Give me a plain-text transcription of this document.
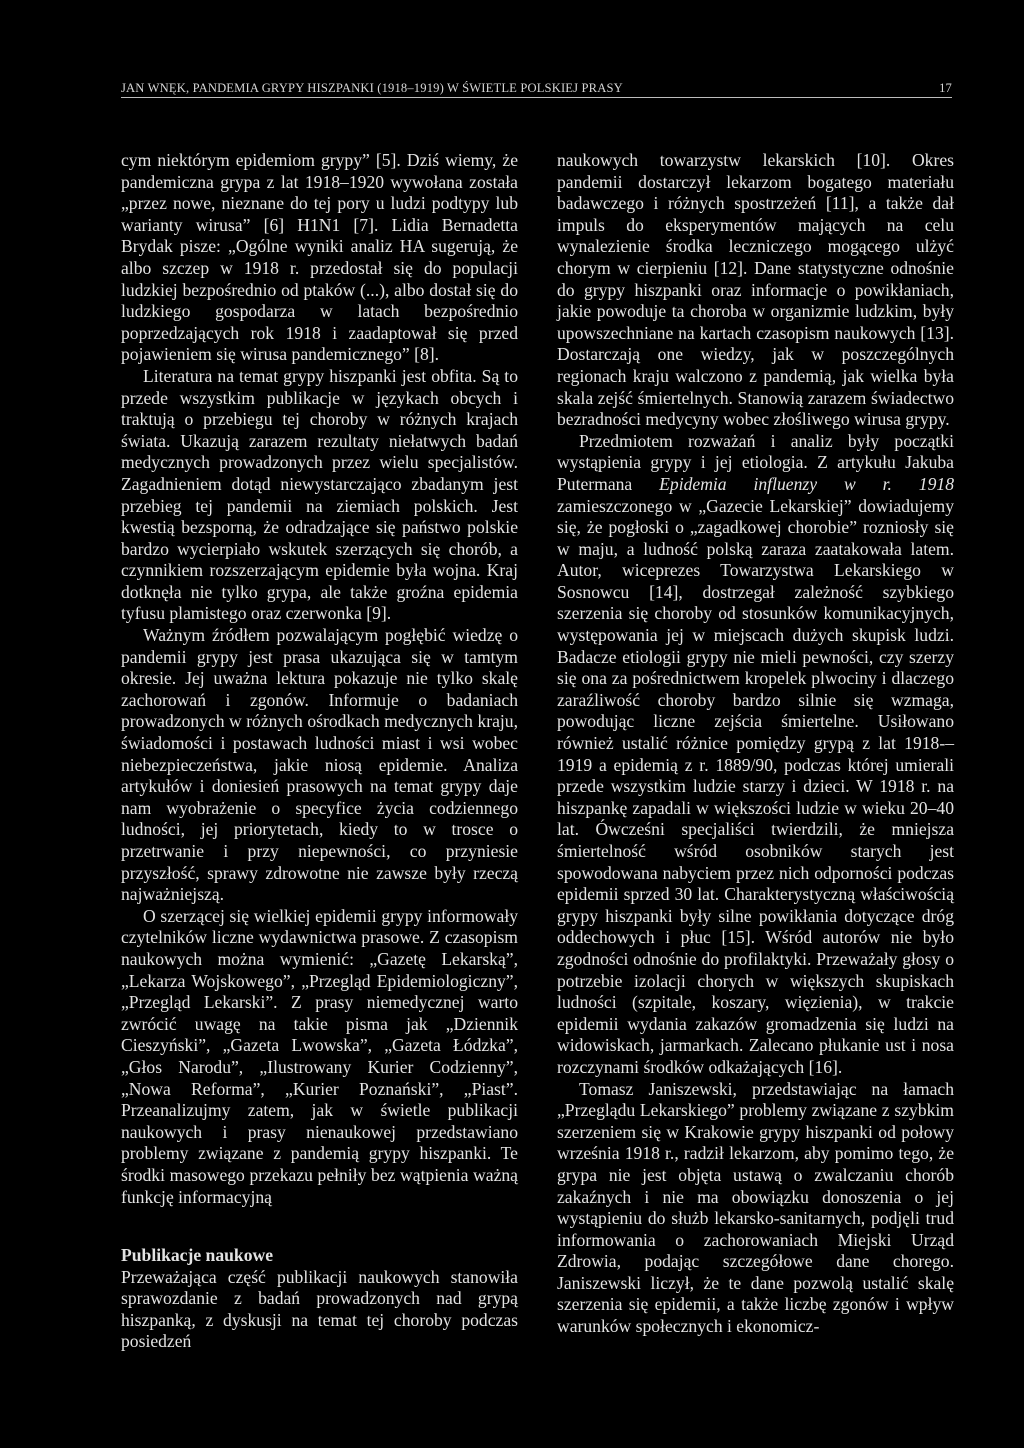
JAN WNĘK, PANDEMIA GRYPY HISZPANKI (1918–1919) W ŚWIETLE POLSKIEJ PRASY	17

cym niektórym epidemiom grypy” [5]. Dziś wiemy, że pandemiczna grypa z lat 1918–1920 wywołana została „przez nowe, nieznane do tej pory u ludzi podtypy lub warianty wirusa” [6] H1N1 [7]. Lidia Bernadetta Brydak pisze: „Ogólne wyniki analiz HA sugerują, że albo szczep w 1918 r. przedostał się do populacji ludzkiej bezpośrednio od ptaków (...), albo dostał się do ludzkiego gospodarza w latach bezpośrednio poprzedzających rok 1918 i zaadaptował się przed pojawieniem się wirusa pandemicznego” [8].

Literatura na temat grypy hiszpanki jest obfita. Są to przede wszystkim publikacje w językach obcych i traktują o przebiegu tej choroby w różnych krajach świata. Ukazują zarazem rezultaty niełatwych badań medycznych prowadzonych przez wielu specjalistów. Zagadnieniem dotąd niewystarczająco zbadanym jest przebieg tej pandemii na ziemiach polskich. Jest kwestią bezsporną, że odradzające się państwo polskie bardzo wycierpiało wskutek szerzących się chorób, a czynnikiem rozszerzającym epidemie była wojna. Kraj dotknęła nie tylko grypa, ale także groźna epidemia tyfusu plamistego oraz czerwonka [9].

Ważnym źródłem pozwalającym pogłębić wiedzę o pandemii grypy jest prasa ukazująca się w tamtym okresie. Jej uważna lektura pokazuje nie tylko skalę zachorowań i zgonów. Informuje o badaniach prowadzonych w różnych ośrodkach medycznych kraju, świadomości i postawach ludności miast i wsi wobec niebezpieczeństwa, jakie niosą epidemie. Analiza artykułów i doniesień prasowych na temat grypy daje nam wyobrażenie o specyfice życia codziennego ludności, jej priorytetach, kiedy to w trosce o przetrwanie i przy niepewności, co przyniesie przyszłość, sprawy zdrowotne nie zawsze były rzeczą najważniejszą.

O szerzącej się wielkiej epidemii grypy informowały czytelników liczne wydawnictwa prasowe. Z czasopism naukowych można wymienić: „Gazetę Lekarską”, „Lekarza Wojskowego”, „Przegląd Epidemiologiczny”, „Przegląd Lekarski”. Z prasy niemedycznej warto zwrócić uwagę na takie pisma jak „Dziennik Cieszyński”, „Gazeta Lwowska”, „Gazeta Łódzka”, „Głos Narodu”, „Ilustrowany Kurier Codzienny”, „Nowa Reforma”, „Kurier Poznański”, „Piast”. Przeanalizujmy zatem, jak w świetle publikacji naukowych i prasy nienaukowej przedstawiano problemy związane z pandemią grypy hiszpanki. Te środki masowego przekazu pełniły bez wątpienia ważną funkcję informacyjną

Publikacje naukowe

Przeważająca część publikacji naukowych stanowiła sprawozdanie z badań prowadzonych nad grypą hiszpanką, z dyskusji na temat tej choroby podczas posiedzeń

naukowych towarzystw lekarskich [10]. Okres pandemii dostarczył lekarzom bogatego materiału badawczego i różnych spostrzeżeń [11], a także dał impuls do eksperymentów mających na celu wynalezienie środka leczniczego mogącego ulżyć chorym w cierpieniu [12]. Dane statystyczne odnośnie do grypy hiszpanki oraz informacje o powikłaniach, jakie powoduje ta choroba w organizmie ludzkim, były upowszechniane na kartach czasopism naukowych [13]. Dostarczają one wiedzy, jak w poszczególnych regionach kraju walczono z pandemią, jak wielka była skala zejść śmiertelnych. Stanowią zarazem świadectwo bezradności medycyny wobec złośliwego wirusa grypy.

Przedmiotem rozważań i analiz były początki wystąpienia grypy i jej etiologia. Z artykułu Jakuba Putermana Epidemia influenzy w r. 1918 zamieszczonego w „Gazecie Lekarskiej” dowiadujemy się, że pogłoski o „zagadkowej chorobie” rozniosły się w maju, a ludność polską zaraza zaatakowała latem. Autor, wiceprezes Towarzystwa Lekarskiego w Sosnowcu [14], dostrzegał zależność szybkiego szerzenia się choroby od stosunków komunikacyjnych, występowania jej w miejscach dużych skupisk ludzi. Badacze etiologii grypy nie mieli pewności, czy szerzy się ona za pośrednictwem kropelek plwociny i dlaczego zaraźliwość choroby bardzo silnie się wzmaga, powodując liczne zejścia śmiertelne. Usiłowano również ustalić różnice pomiędzy grypą z lat 1918-–1919 a epidemią z r. 1889/90, podczas której umierali przede wszystkim ludzie starzy i dzieci. W 1918 r. na hiszpankę zapadali w większości ludzie w wieku 20–40 lat. Ówcześni specjaliści twierdzili, że mniejsza śmiertelność wśród osobników starych jest spowodowana nabyciem przez nich odporności podczas epidemii sprzed 30 lat. Charakterystyczną właściwością grypy hiszpanki były silne powikłania dotyczące dróg oddechowych i płuc [15]. Wśród autorów nie było zgodności odnośnie do profilaktyki. Przeważały głosy o potrzebie izolacji chorych w większych skupiskach ludności (szpitale, koszary, więzienia), w trakcie epidemii wydania zakazów gromadzenia się ludzi na widowiskach, jarmarkach. Zalecano płukanie ust i nosa rozczynami środków odkażających [16].

Tomasz Janiszewski, przedstawiając na łamach „Przeglądu Lekarskiego” problemy związane z szybkim szerzeniem się w Krakowie grypy hiszpanki od połowy września 1918 r., radził lekarzom, aby pomimo tego, że grypa nie jest objęta ustawą o zwalczaniu chorób zakaźnych i nie ma obowiązku donoszenia o jej wystąpieniu do służb lekarsko-sanitarnych, podjęli trud informowania o zachorowaniach Miejski Urząd Zdrowia, podając szczegółowe dane chorego. Janiszewski liczył, że te dane pozwolą ustalić skalę szerzenia się epidemii, a także liczbę zgonów i wpływ warunków społecznych i ekonomicz-
